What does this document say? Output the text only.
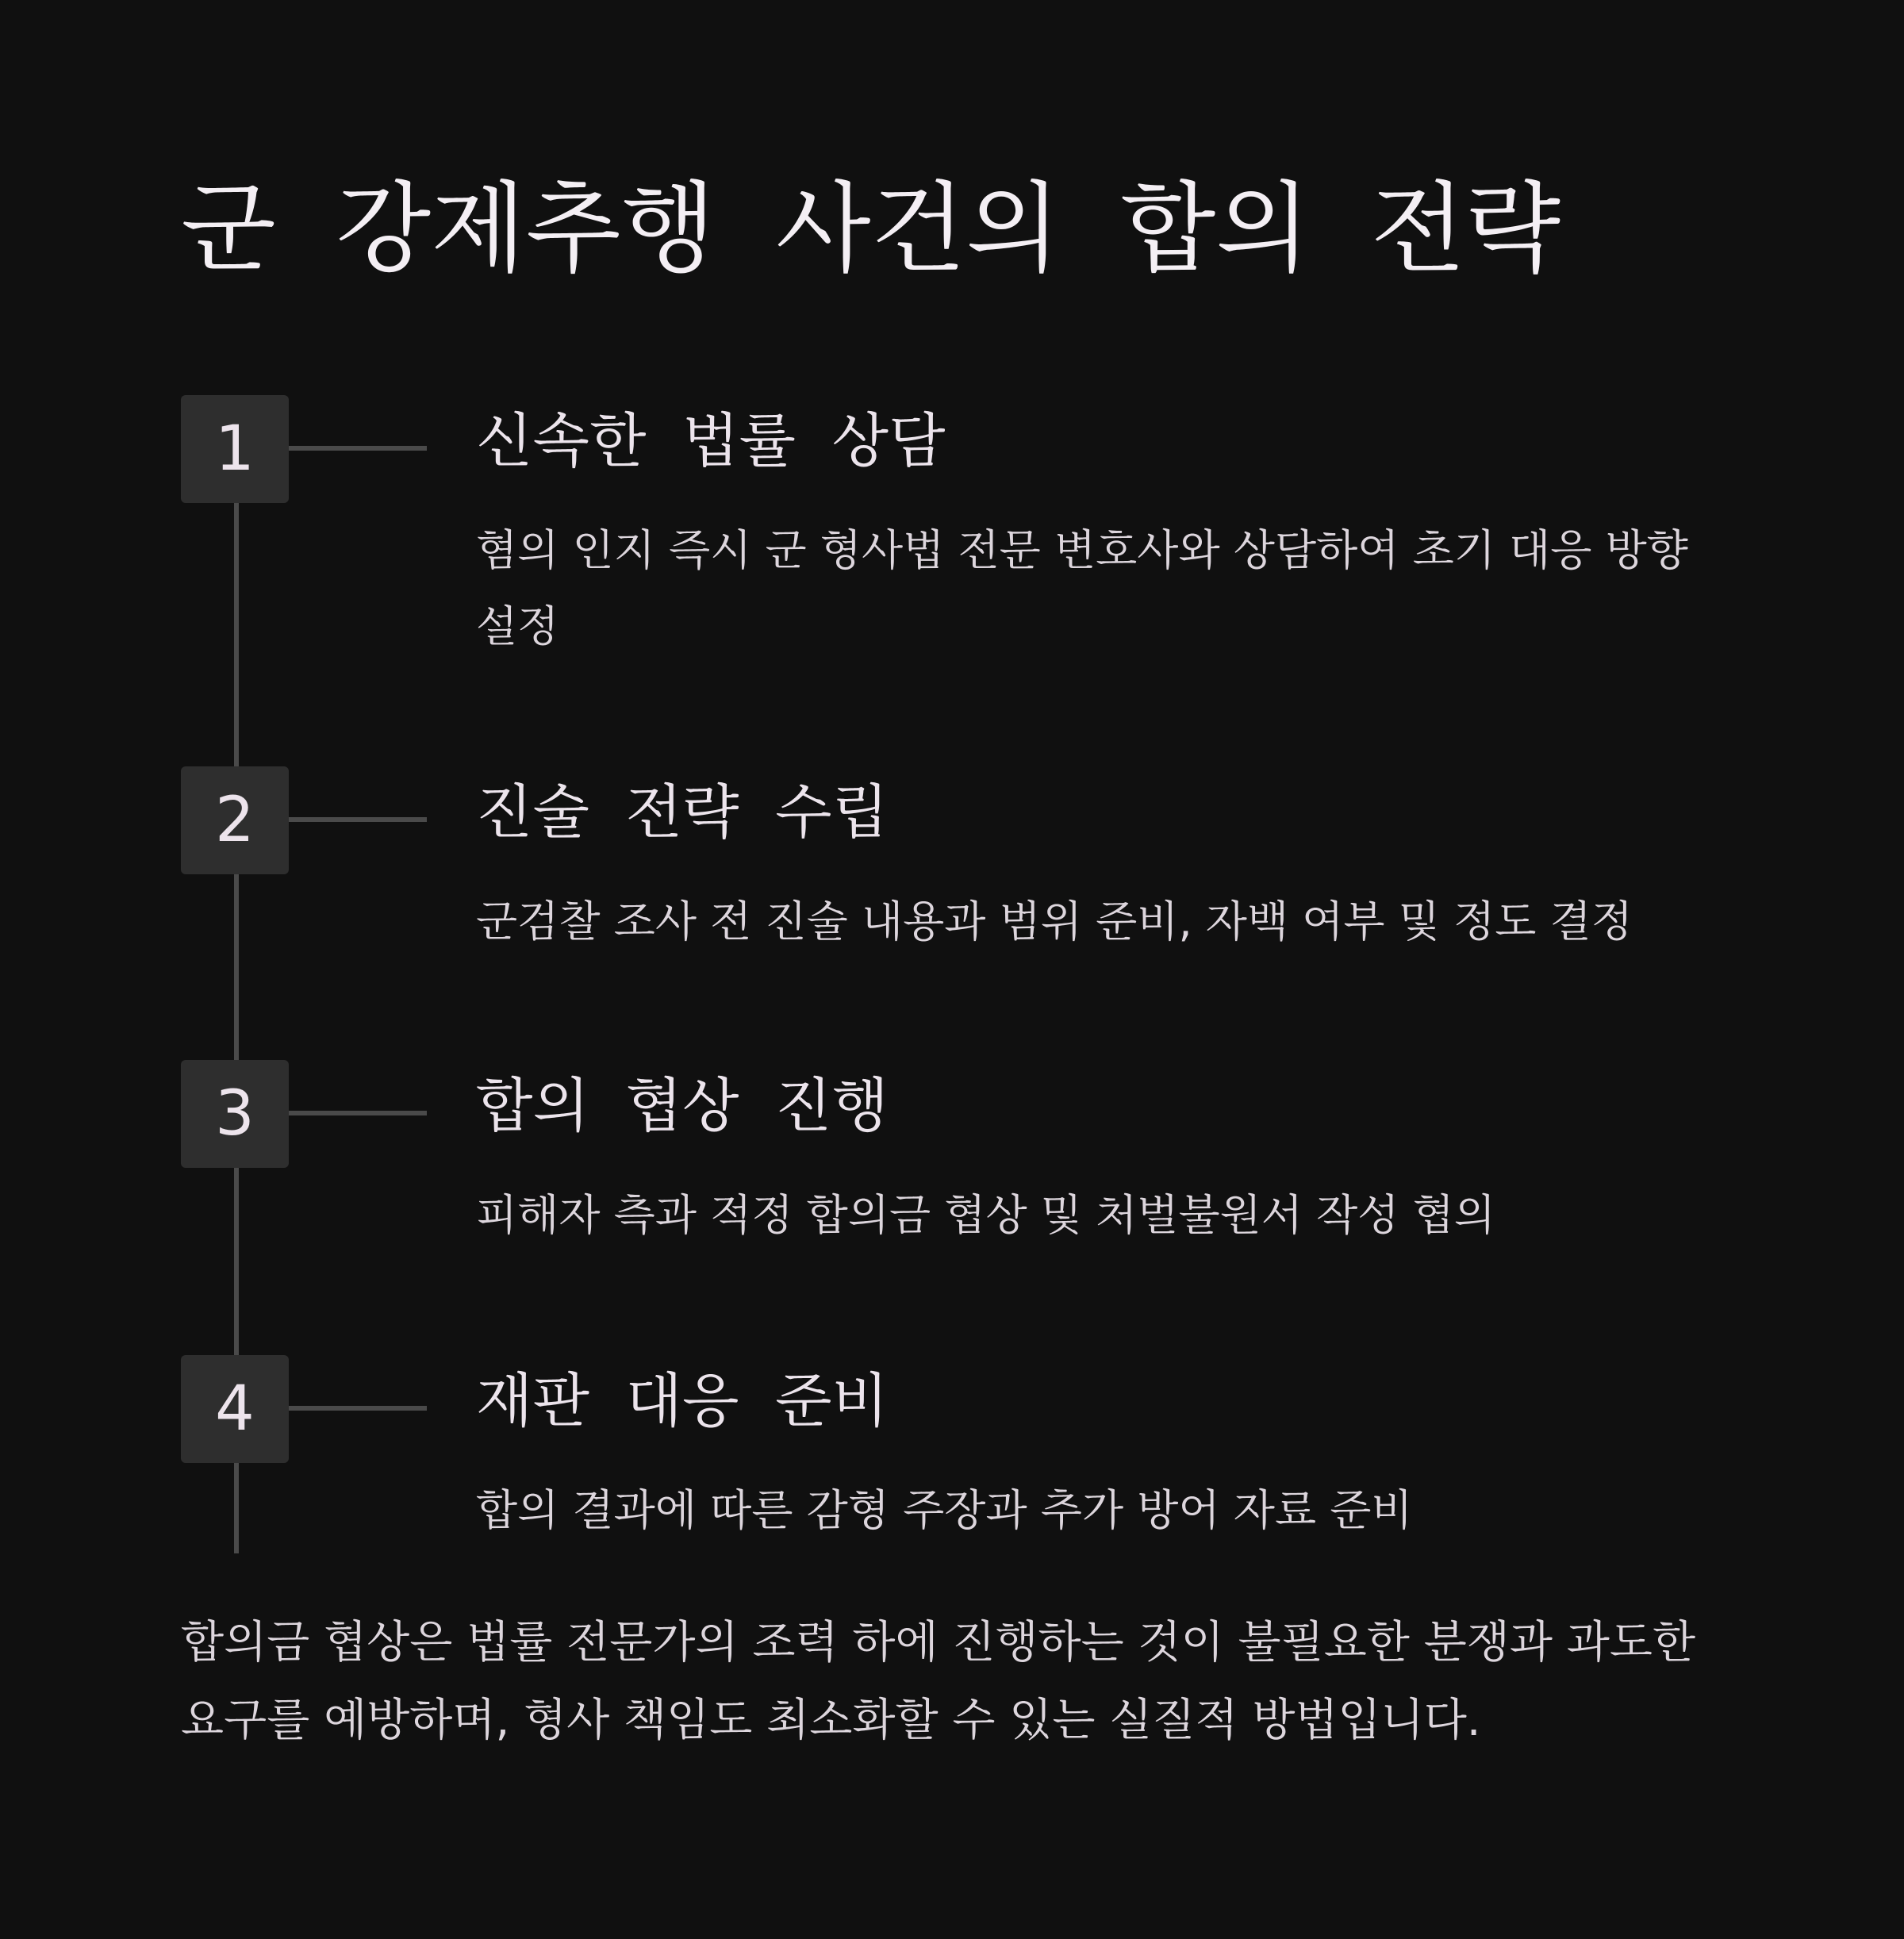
군 강제추행 사건의 합의 전략
1	신속한 법률 상담
혐의 인지 즉시 군 형사법 전문 변호사와 상담하여 초기 대응 방향 설정
2	진술 전략 수립
군검찰 조사 전 진술 내용과 범위 준비, 자백 여부 및 정도 결정
3	합의 협상 진행
피해자 측과 적정 합의금 협상 및 처벌불원서 작성 협의
4	재판 대응 준비
합의 결과에 따른 감형 주장과 추가 방어 자료 준비

합의금 협상은 법률 전문가의 조력 하에 진행하는 것이 불필요한 분쟁과 과도한 요구를 예방하며, 형사 책임도 최소화할 수 있는 실질적 방법입니다.
